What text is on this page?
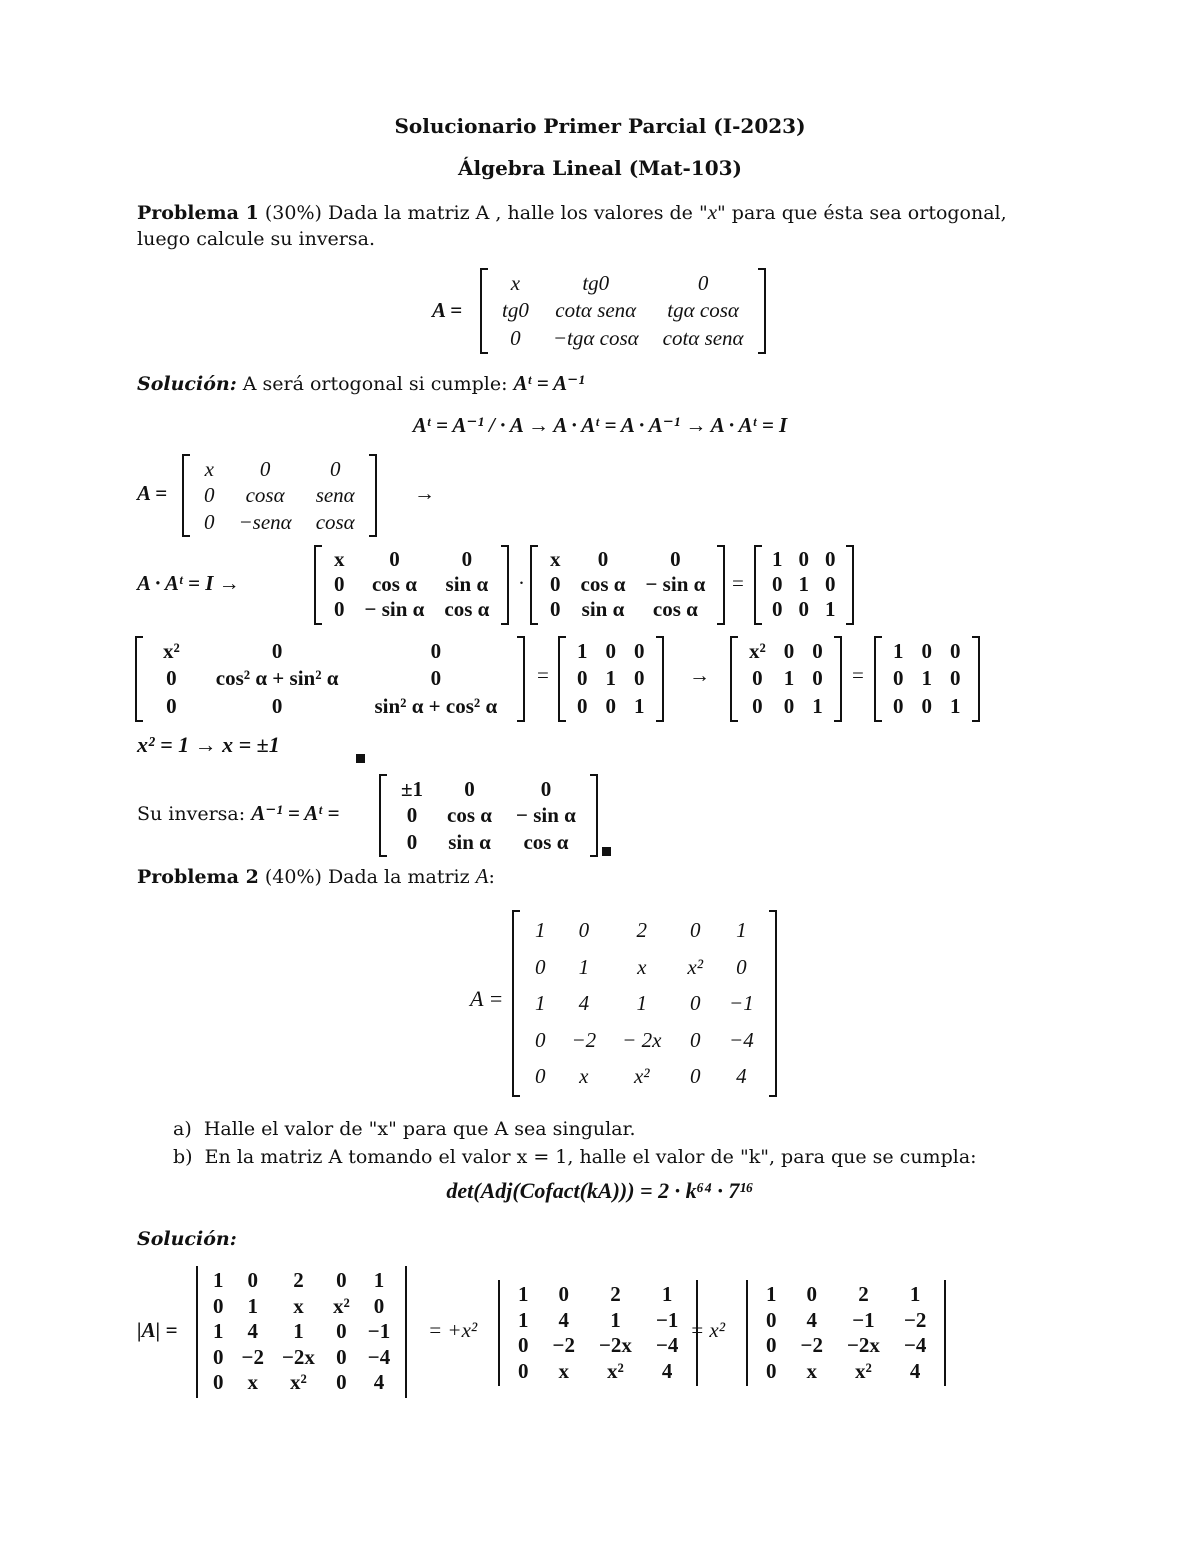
Solucionario Primer Parcial (I-2023)
Álgebra Lineal (Mat-103)
Problema 1 (30%) Dada la matriz A , halle los valores de "x" para que ésta sea ortogonal,
luego calcule su inversa.
A =
x	tg0	0
tg0	cotα senα	tgα cosα
0	−tgα cosα	cotα senα
Solución: A será ortogonal si cumple: Aᵗ = A⁻¹
Aᵗ = A⁻¹ / · A → A · Aᵗ = A · A⁻¹ → A · Aᵗ = I
A =
x	0	0
0	cosα	senα
0	−senα	cosα
→
A · Aᵗ = I →
x	0	0
0	cos α	sin α
0	− sin α	cos α
·
x	0	0
0	cos α	− sin α
0	sin α	cos α
=
1	0	0
0	1	0
0	0	1
x²	0	0
0	cos² α + sin² α	0
0	0	sin² α + cos² α
=
1	0	0
0	1	0
0	0	1
→
x²	0	0
0	1	0
0	0	1
=
1	0	0
0	1	0
0	0	1
x² = 1 → x = ±1
Su inversa: A⁻¹ = Aᵗ =
±1	0	0
0	cos α	− sin α
0	sin α	cos α
Problema 2 (40%) Dada la matriz A:
A =
1	0	2	0	1
0	1	x	x²	0
1	4	1	0	−1
0	−2	− 2x	0	−4
0	x	x²	0	4
a) Halle el valor de "x" para que A sea singular.
b) En la matriz A tomando el valor x = 1, halle el valor de "k", para que se cumpla:
det(Adj(Cofact(kA))) = 2 · k⁶⁴ · 7¹⁶
Solución:
|A| =
1	0	2	0	1
0	1	x	x²	0
1	4	1	0	−1
0	−2	−2x	0	−4
0	x	x²	0	4
= +x²
1	0	2	1
1	4	1	−1
0	−2	−2x	−4
0	x	x²	4
= x²
1	0	2	1
0	4	−1	−2
0	−2	−2x	−4
0	x	x²	4
